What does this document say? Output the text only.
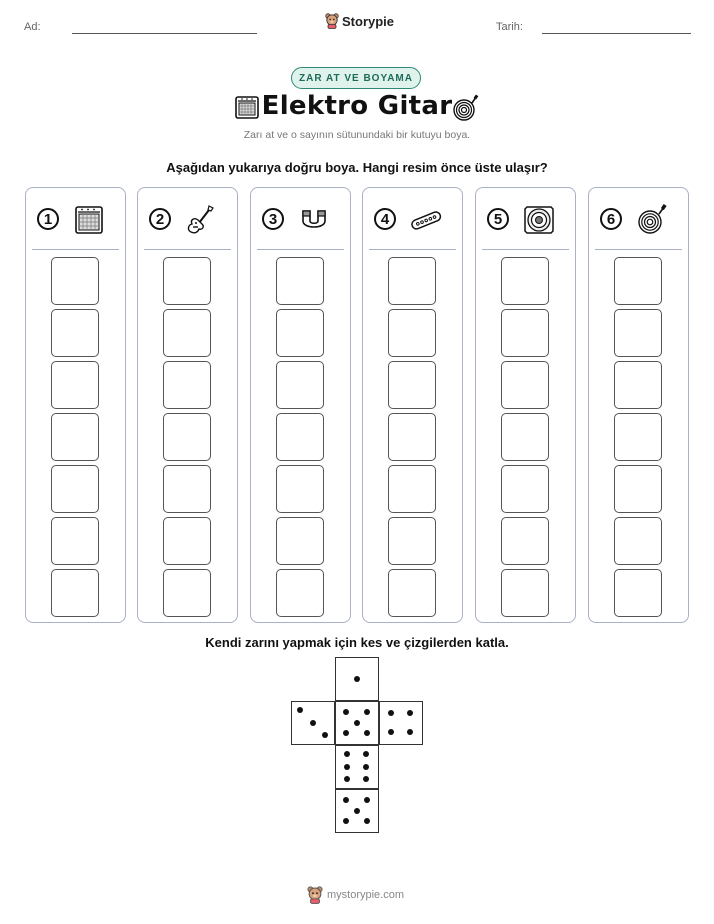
Ad:	Storypie	Tarih:
ZAR AT VE BOYAMA
Elektro Gitar
Zarı at ve o sayının sütunundaki bir kutuyu boya.
Aşağıdan yukarıya doğru boya. Hangi resim önce üste ulaşır?
1	2	3	4	5	6
Kendi zarını yapmak için kes ve çizgilerden katla.
mystorypie.com
